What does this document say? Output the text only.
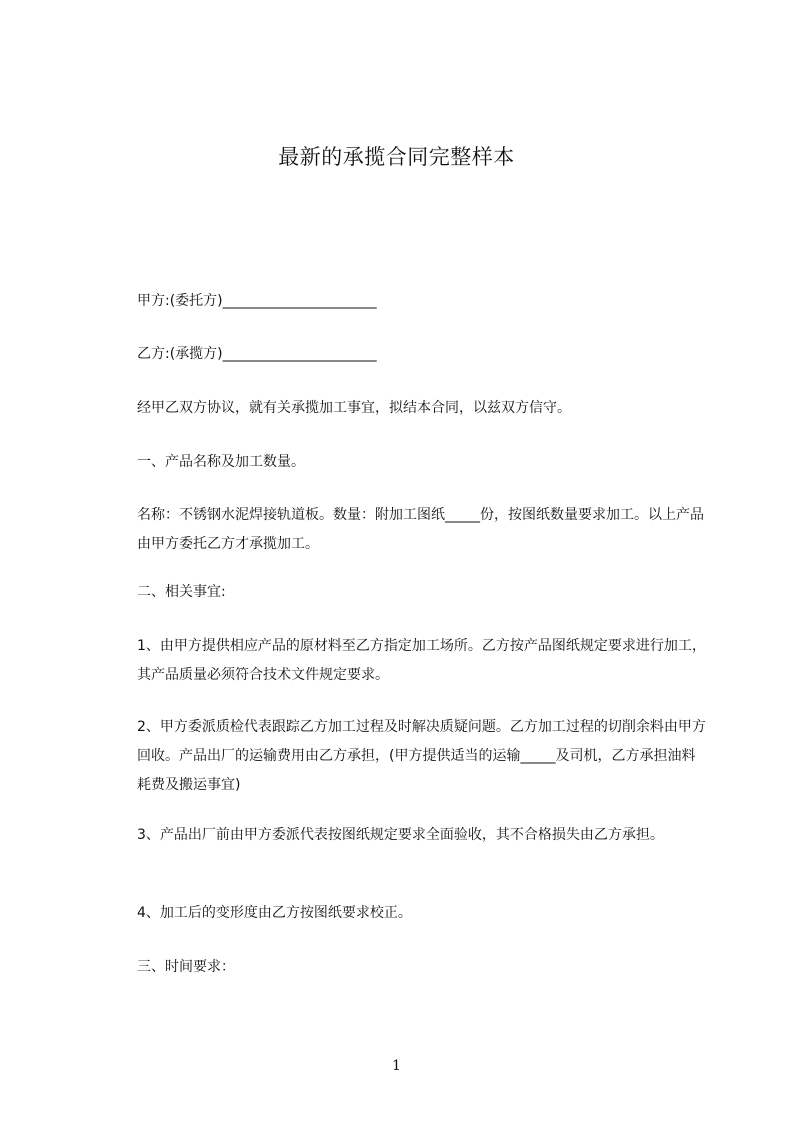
最新的承揽合同完整样本
甲方:(委托方)______________________
乙方:(承揽方)______________________
经甲乙双方协议，就有关承揽加工事宜，拟结本合同，以兹双方信守。
一、产品名称及加工数量。
名称：不锈钢水泥焊接轨道板。数量：附加工图纸_____份，按图纸数量要求加工。以上产品由甲方委托乙方才承揽加工。
二、相关事宜:
1、由甲方提供相应产品的原材料至乙方指定加工场所。乙方按产品图纸规定要求进行加工，其产品质量必须符合技术文件规定要求。
2、甲方委派质检代表跟踪乙方加工过程及时解决质疑问题。乙方加工过程的切削余料由甲方回收。产品出厂的运输费用由乙方承担，(甲方提供适当的运输_____及司机，乙方承担油料耗费及搬运事宜)
3、产品出厂前由甲方委派代表按图纸规定要求全面验收，其不合格损失由乙方承担。
4、加工后的变形度由乙方按图纸要求校正。
三、时间要求：
1
